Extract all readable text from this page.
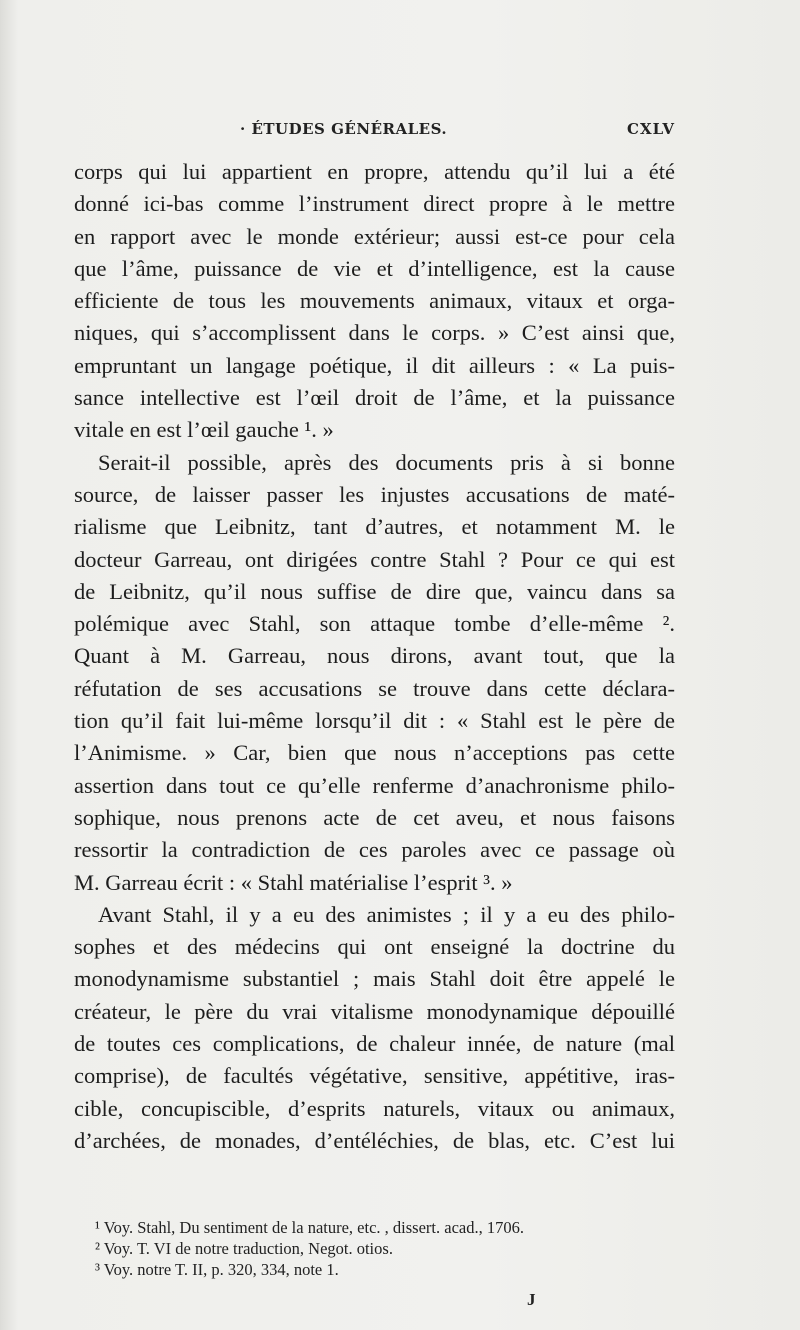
· ÉTUDES GÉNÉRALES.	CXLV
corps qui lui appartient en propre, attendu qu’il lui a été
donné ici-bas comme l’instrument direct propre à le mettre
en rapport avec le monde extérieur; aussi est-ce pour cela
que l’âme, puissance de vie et d’intelligence, est la cause
efficiente de tous les mouvements animaux, vitaux et orga-
niques, qui s’accomplissent dans le corps. » C’est ainsi que,
empruntant un langage poétique, il dit ailleurs : « La puis-
sance intellective est l’œil droit de l’âme, et la puissance
vitale en est l’œil gauche ¹. »
Serait-il possible, après des documents pris à si bonne
source, de laisser passer les injustes accusations de maté-
rialisme que Leibnitz, tant d’autres, et notamment M. le
docteur Garreau, ont dirigées contre Stahl ? Pour ce qui est
de Leibnitz, qu’il nous suffise de dire que, vaincu dans sa
polémique avec Stahl, son attaque tombe d’elle-même ².
Quant à M. Garreau, nous dirons, avant tout, que la
réfutation de ses accusations se trouve dans cette déclara-
tion qu’il fait lui-même lorsqu’il dit : « Stahl est le père de
l’Animisme. » Car, bien que nous n’acceptions pas cette
assertion dans tout ce qu’elle renferme d’anachronisme philo-
sophique, nous prenons acte de cet aveu, et nous faisons
ressortir la contradiction de ces paroles avec ce passage où
M. Garreau écrit : « Stahl matérialise l’esprit ³. »
Avant Stahl, il y a eu des animistes ; il y a eu des philo-
sophes et des médecins qui ont enseigné la doctrine du
monodynamisme substantiel ; mais Stahl doit être appelé le
créateur, le père du vrai vitalisme monodynamique dépouillé
de toutes ces complications, de chaleur innée, de nature (mal
comprise), de facultés végétative, sensitive, appétitive, iras-
cible, concupiscible, d’esprits naturels, vitaux ou animaux,
d’archées, de monades, d’entéléchies, de blas, etc. C’est lui
¹ Voy. Stahl, Du sentiment de la nature, etc. , dissert. acad., 1706.
² Voy. T. VI de notre traduction, Negot. otios.
³ Voy. notre T. II, p. 320, 334, note 1.
J
